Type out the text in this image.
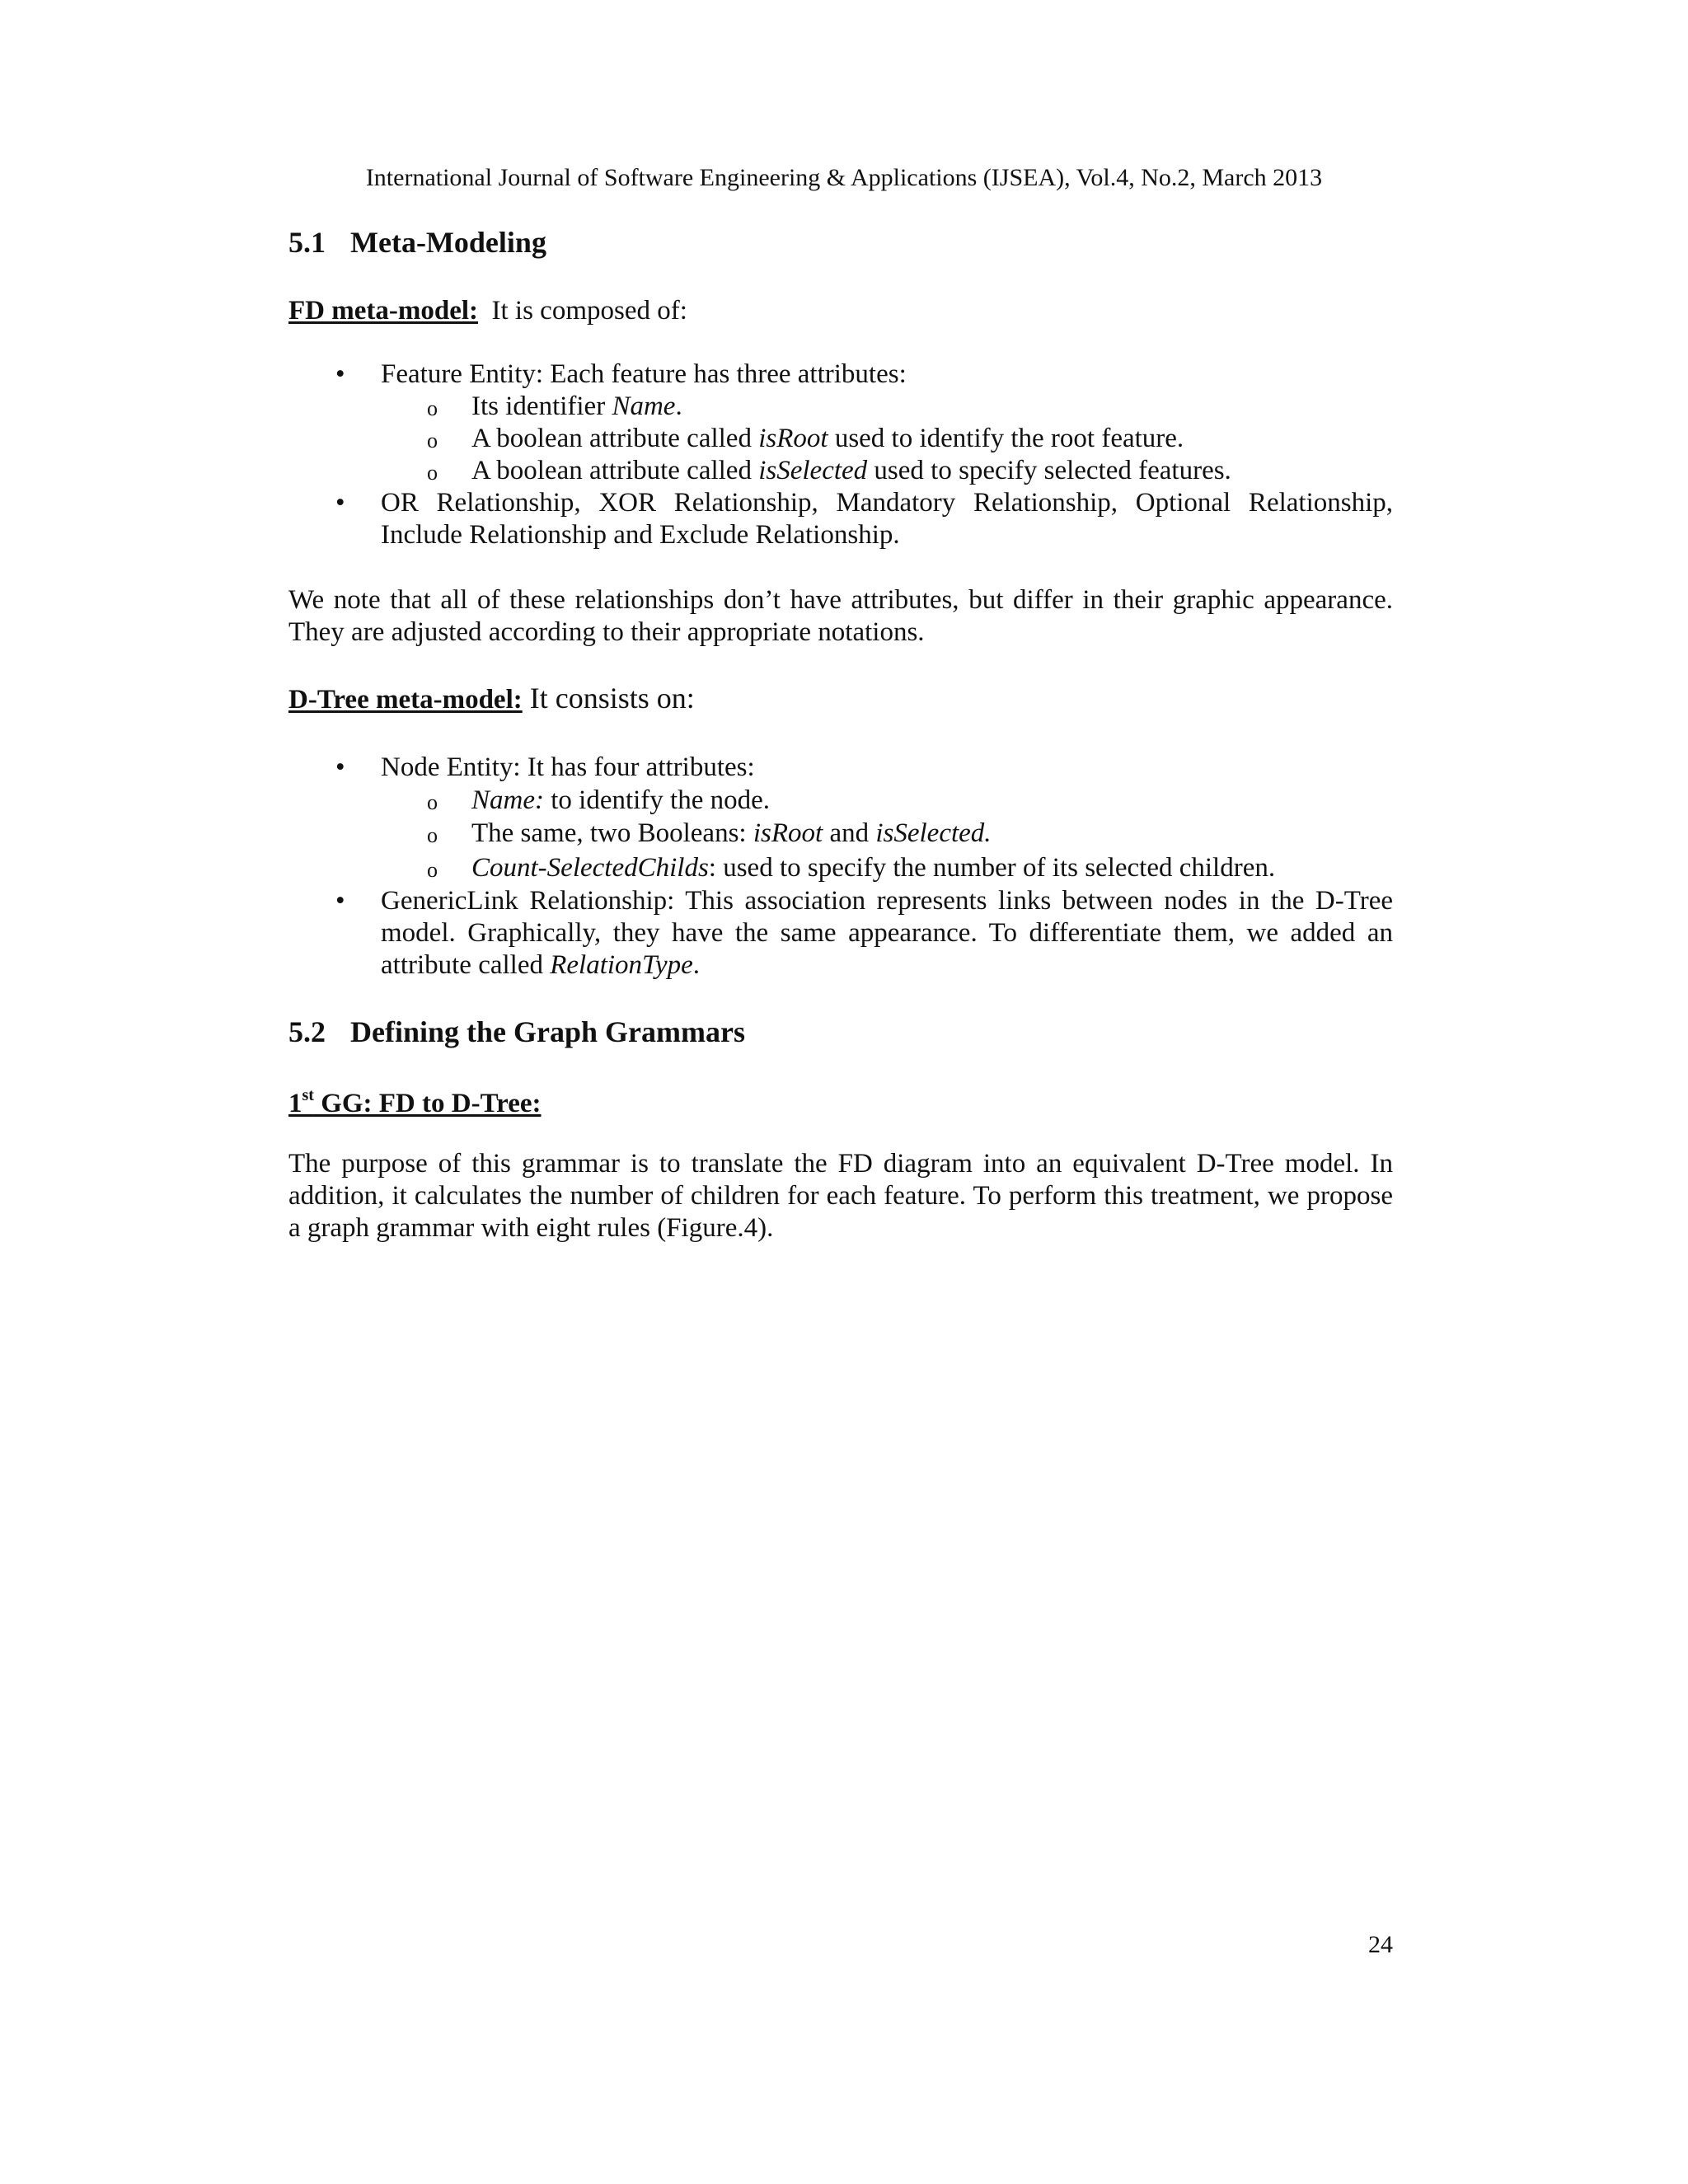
International Journal of Software Engineering & Applications (IJSEA), Vol.4, No.2, March 2013
5.1 Meta-Modeling
FD meta-model: It is composed of:
• Feature Entity: Each feature has three attributes:
o Its identifier Name.
o A boolean attribute called isRoot used to identify the root feature.
o A boolean attribute called isSelected used to specify selected features.
• OR Relationship, XOR Relationship, Mandatory Relationship, Optional Relationship, Include Relationship and Exclude Relationship.

We note that all of these relationships don’t have attributes, but differ in their graphic appearance. They are adjusted according to their appropriate notations.

D-Tree meta-model: It consists on:
• Node Entity: It has four attributes:
o Name: to identify the node.
o The same, two Booleans: isRoot and isSelected.
o Count-SelectedChilds: used to specify the number of its selected children.
• GenericLink Relationship: This association represents links between nodes in the D-Tree model. Graphically, they have the same appearance. To differentiate them, we added an attribute called RelationType.
5.2 Defining the Graph Grammars
1st GG: FD to D-Tree:

The purpose of this grammar is to translate the FD diagram into an equivalent D-Tree model. In addition, it calculates the number of children for each feature. To perform this treatment, we propose a graph grammar with eight rules (Figure.4).

24
